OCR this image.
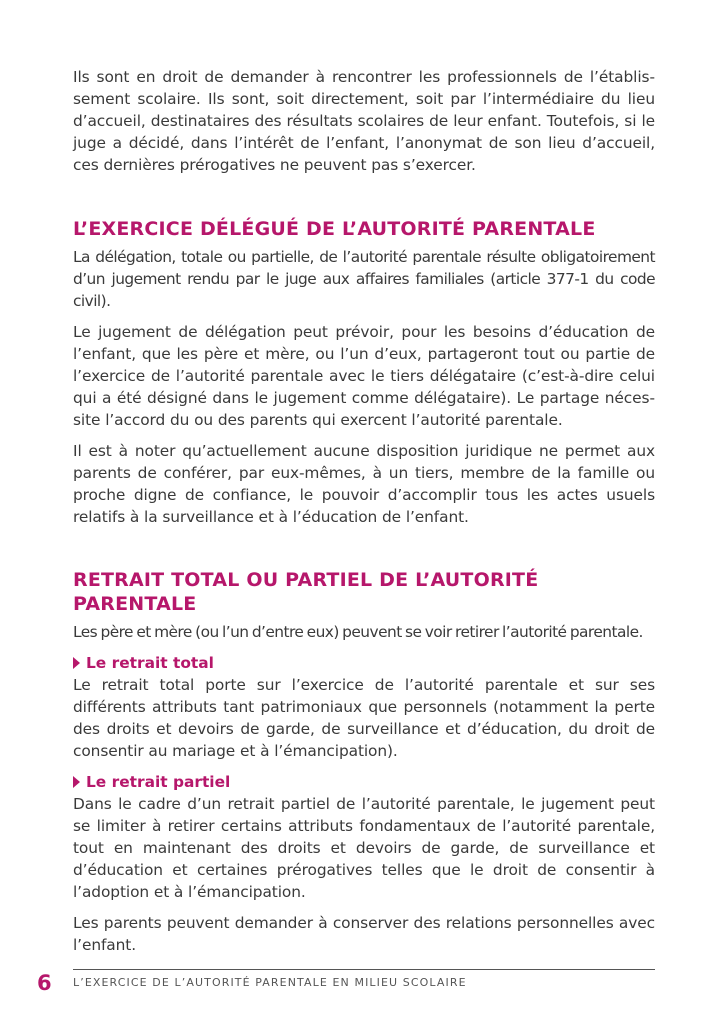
Ils sont en droit de demander à rencontrer les professionnels de l’établissement scolaire. Ils sont, soit directement, soit par l’intermédiaire du lieu d’accueil, destinataires des résultats scolaires de leur enfant. Toutefois, si le juge a décidé, dans l’intérêt de l’enfant, l’anonymat de son lieu d’accueil, ces dernières prérogatives ne peuvent pas s’exercer.

L’EXERCICE DÉLÉGUÉ DE L’AUTORITÉ PARENTALE

La délégation, totale ou partielle, de l’autorité parentale résulte obligatoirement d’un jugement rendu par le juge aux affaires familiales (article 377-1 du code civil).

Le jugement de délégation peut prévoir, pour les besoins d’éducation de l’enfant, que les père et mère, ou l’un d’eux, partageront tout ou partie de l’exercice de l’autorité parentale avec le tiers délégataire (c’est-à-dire celui qui a été désigné dans le jugement comme délégataire). Le partage nécessite l’accord du ou des parents qui exercent l’autorité parentale.

Il est à noter qu’actuellement aucune disposition juridique ne permet aux parents de conférer, par eux-mêmes, à un tiers, membre de la famille ou proche digne de confiance, le pouvoir d’accomplir tous les actes usuels relatifs à la surveillance et à l’éducation de l’enfant.

RETRAIT TOTAL OU PARTIEL DE L’AUTORITÉ PARENTALE

Les père et mère (ou l’un d’entre eux) peuvent se voir retirer l’autorité parentale.

Le retrait total

Le retrait total porte sur l’exercice de l’autorité parentale et sur ses différents attributs tant patrimoniaux que personnels (notamment la perte des droits et devoirs de garde, de surveillance et d’éducation, du droit de consentir au mariage et à l’émancipation).

Le retrait partiel

Dans le cadre d’un retrait partiel de l’autorité parentale, le jugement peut se limiter à retirer certains attributs fondamentaux de l’autorité parentale, tout en maintenant des droits et devoirs de garde, de surveillance et d’éducation et certaines prérogatives telles que le droit de consentir à l’adoption et à l’émancipation.

Les parents peuvent demander à conserver des relations personnelles avec l’enfant.

6 L’EXERCICE DE L’AUTORITÉ PARENTALE EN MILIEU SCOLAIRE
